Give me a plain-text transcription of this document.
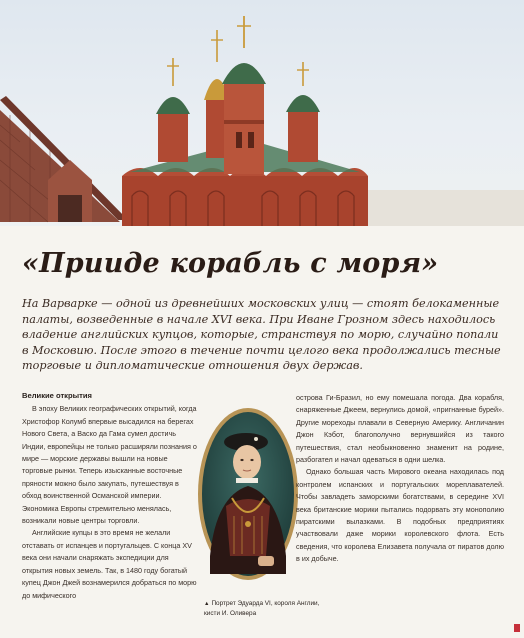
«Прииде корабль с моря»

На Варварке — одной из древнейших московских улиц — стоят белокаменные палаты, возведенные в начале XVI века. При Иване Грозном здесь находилось владение английских купцов, которые, странствуя по морю, случайно попали в Московию. После этого в течение почти целого века продолжались тесные торговые и дипломатические отношения двух держав.

Великие открытия

В эпоху Великих географических открытий, когда Христофор Колумб впервые высадился на берегах Нового Света, а Васко да Гама сумел достичь Индии, европейцы не только расширяли познания о мире — морские державы вышли на новые торговые рынки. Теперь изысканные восточные пряности можно было закупать, путешествуя в обход воинственной Османской империи. Экономика Европы стремительно менялась, возникали новые центры торговли.

Английские купцы в это время не желали отставать от испанцев и португальцев. С конца XV века они начали снаряжать экспедиции для открытия новых земель. Так, в 1480 году богатый купец Джон Джей вознамерился добраться по морю до мифического

▲ Портрет Эдуарда VI, короля Англии, кисти И. Оливера

острова Ги-Бразил, но ему помешала погода. Два корабля, снаряженные Джеем, вернулись домой, «пригнанные бурей». Другие мореходы плавали в Северную Америку. Англичанин Джон Кэбот, благополучно вернувшийся из такого путешествия, стал необыкновенно знаменит на родине, разбогател и начал одеваться в одни шелка.

Однако большая часть Мирового океана находилась под контролем испанских и португальских мореплавателей. Чтобы завладеть заморскими богатствами, в середине XVI века британские морики пытались подорвать эту монополию пиратскими вылазками. В подобных предприятиях участвовали даже морики королевского флота. Есть сведения, что королева Елизавета получала от пиратов долю в их добыче.
